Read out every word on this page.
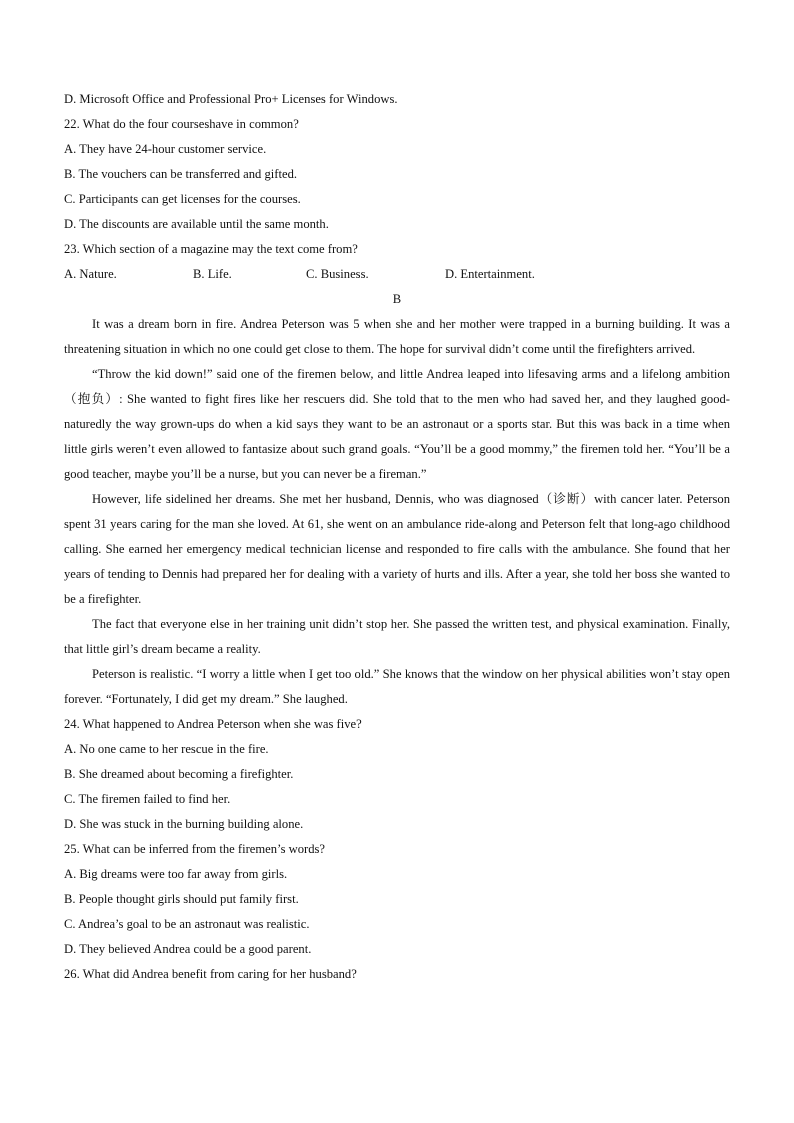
D. Microsoft Office and Professional Pro+ Licenses for Windows.
22. What do the four courseshave in common?
A. They have 24-hour customer service.
B. The vouchers can be transferred and gifted.
C. Participants can get licenses for the courses.
D. The discounts are available until the same month.
23. Which section of a magazine may the text come from?
A. Nature.	B. Life.	C. Business.	D. Entertainment.
B
It was a dream born in fire. Andrea Peterson was 5 when she and her mother were trapped in a burning building. It was a threatening situation in which no one could get close to them. The hope for survival didn’t come until the firefighters arrived.
“Throw the kid down!” said one of the firemen below, and little Andrea leaped into lifesaving arms and a lifelong ambition（抱负）: She wanted to fight fires like her rescuers did. She told that to the men who had saved her, and they laughed good-naturedly the way grown-ups do when a kid says they want to be an astronaut or a sports star. But this was back in a time when little girls weren’t even allowed to fantasize about such grand goals. “You’ll be a good mommy,” the firemen told her. “You’ll be a good teacher, maybe you’ll be a nurse, but you can never be a fireman.”
However, life sidelined her dreams. She met her husband, Dennis, who was diagnosed（诊断）with cancer later. Peterson spent 31 years caring for the man she loved. At 61, she went on an ambulance ride-along and Peterson felt that long-ago childhood calling. She earned her emergency medical technician license and responded to fire calls with the ambulance. She found that her years of tending to Dennis had prepared her for dealing with a variety of hurts and ills. After a year, she told her boss she wanted to be a firefighter.
The fact that everyone else in her training unit didn’t stop her. She passed the written test, and physical examination. Finally, that little girl’s dream became a reality.
Peterson is realistic. “I worry a little when I get too old.” She knows that the window on her physical abilities won’t stay open forever. “Fortunately, I did get my dream.” She laughed.
24. What happened to Andrea Peterson when she was five?
A. No one came to her rescue in the fire.
B. She dreamed about becoming a firefighter.
C. The firemen failed to find her.
D. She was stuck in the burning building alone.
25. What can be inferred from the firemen’s words?
A. Big dreams were too far away from girls.
B. People thought girls should put family first.
C. Andrea’s goal to be an astronaut was realistic.
D. They believed Andrea could be a good parent.
26. What did Andrea benefit from caring for her husband?
